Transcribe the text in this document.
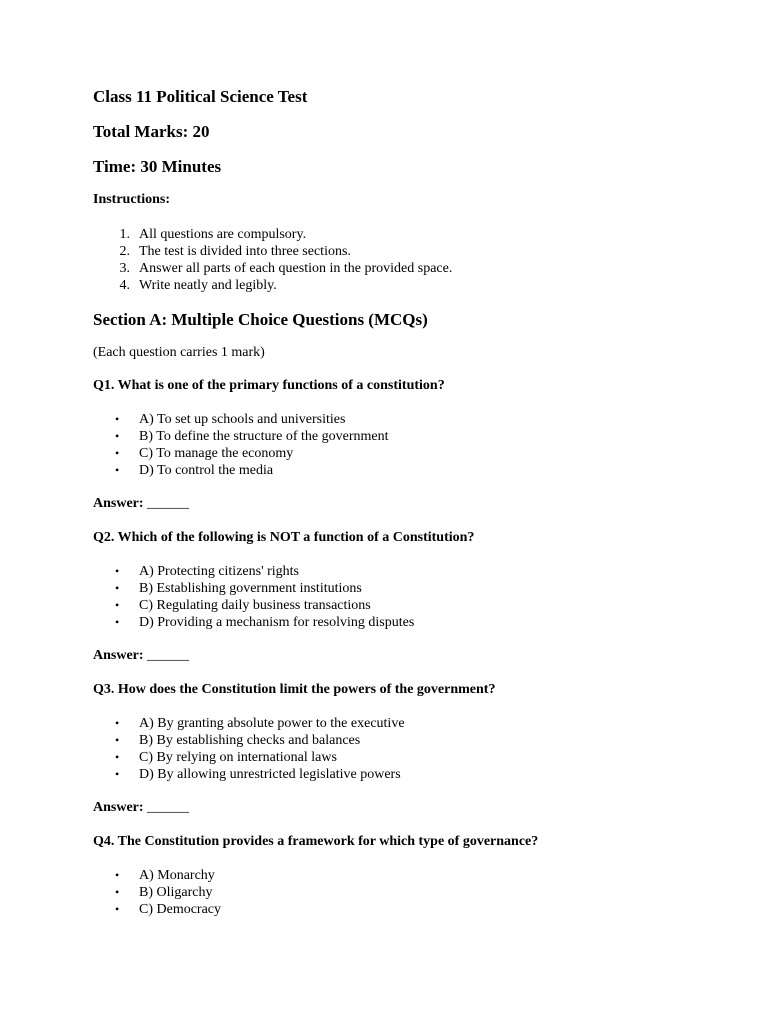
Class 11 Political Science Test
Total Marks: 20
Time: 30 Minutes
Instructions:
1. All questions are compulsory.
2. The test is divided into three sections.
3. Answer all parts of each question in the provided space.
4. Write neatly and legibly.
Section A: Multiple Choice Questions (MCQs)
(Each question carries 1 mark)
Q1. What is one of the primary functions of a constitution?
• A) To set up schools and universities
• B) To define the structure of the government
• C) To manage the economy
• D) To control the media
Answer: ______
Q2. Which of the following is NOT a function of a Constitution?
• A) Protecting citizens' rights
• B) Establishing government institutions
• C) Regulating daily business transactions
• D) Providing a mechanism for resolving disputes
Answer: ______
Q3. How does the Constitution limit the powers of the government?
• A) By granting absolute power to the executive
• B) By establishing checks and balances
• C) By relying on international laws
• D) By allowing unrestricted legislative powers
Answer: ______
Q4. The Constitution provides a framework for which type of governance?
• A) Monarchy
• B) Oligarchy
• C) Democracy
